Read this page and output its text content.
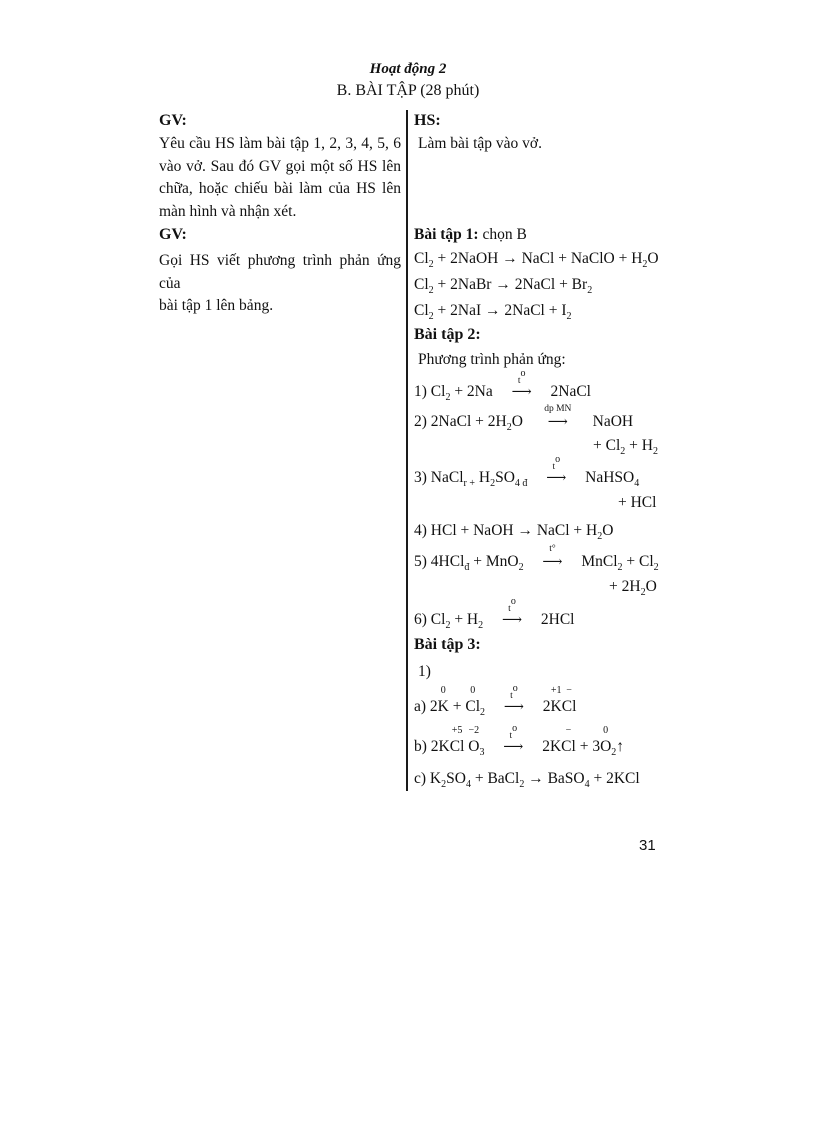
Hoạt động 2
B. BÀI TẬP (28 phút)
GV:
Yêu cầu HS làm bài tập 1, 2, 3, 4, 5, 6
vào vở. Sau đó GV gọi một số HS lên
chữa, hoặc chiếu bài làm của HS lên
màn hình và nhận xét.
GV:
Gọi HS viết phương trình phản ứng của
bài tập 1 lên bảng.
HS:
Làm bài tập vào vở.
Bài tập 1: chọn B
$Cl_2$ + 2NaOH → NaCl + NaClO + $H_2O$
$Cl_2$ + 2NaBr → 2NaCl + $Br_2$
$Cl_2 + 2NaI$ → 2NaCl + $I_2$
Bài tập 2:
Phương trình phản ứng:
1) $Cl_2 + 2Na$
$t^o$
⟶ 2NaCl
2) 2NaCl + $2H_2O$
dp MN
⟶ NaOH
+ $Cl_2 + H_2$
3) NaCl$_{r +}$ $H_2SO_{4 đ}$
$t^o$
⟶ NaHSO$_4$
+ HCl
4) HCl + NaOH → NaCl + $H_2O$
5) 4HCl$_đ$ + MnO$_2$
t°
⟶ MnCl$_2$ + $Cl_2$
+ $2H_2O$
6) $Cl_2 + H_2$
$t^o$
⟶ 2HCl
Bài tập 3:
1)
a) 2K
0
+ Cl
0
$_2$
$t^o$
⟶ 2K
+1
Cl
−
b) 2KCl
+5
O
−2
$_3$
$t^o$
⟶ 2KCl
−
+ 3O
0
$_2$↑
c) $K_2SO_4$ + BaCl$_2$ → BaSO$_4$ + 2KCl
31
